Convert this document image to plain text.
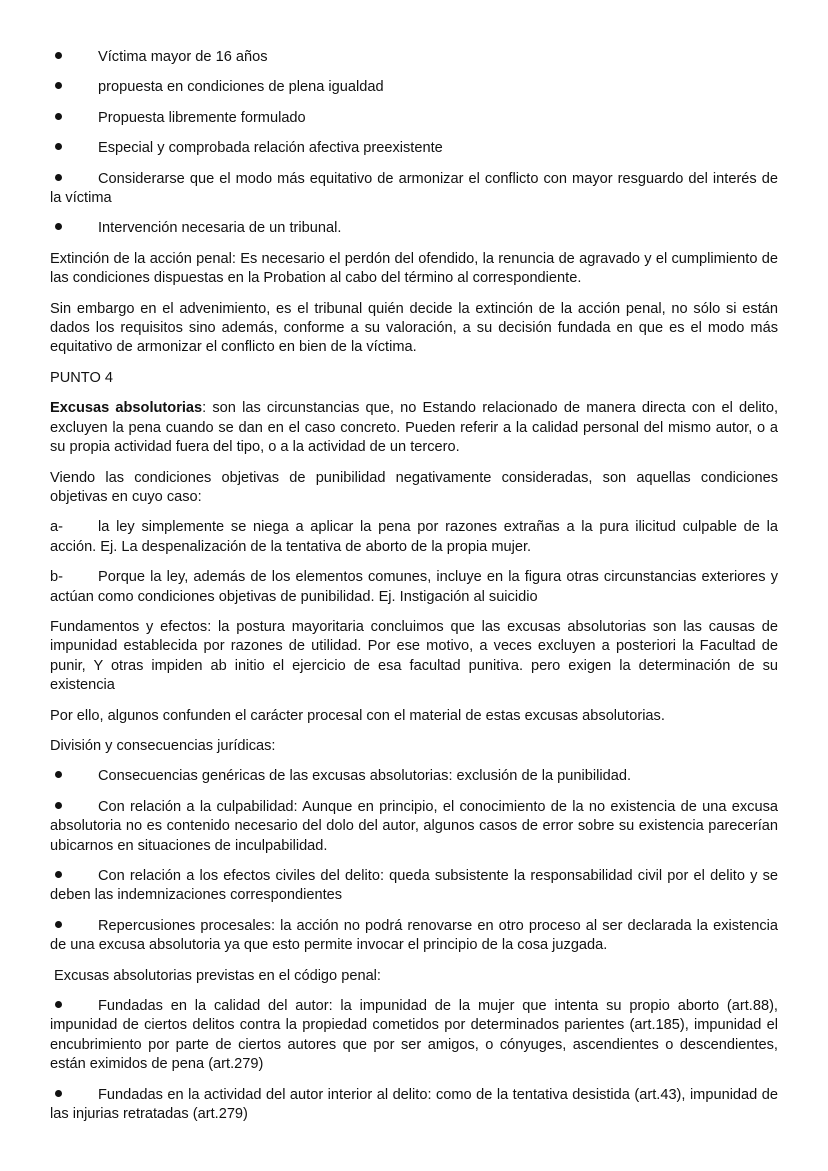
Víctima mayor de 16 años
propuesta en condiciones de plena igualdad
Propuesta libremente formulado
Especial y comprobada relación afectiva preexistente
Considerarse que el modo más equitativo de armonizar el conflicto con mayor resguardo del interés de la víctima
Intervención necesaria de un tribunal.

Extinción de la acción penal: Es necesario el perdón del ofendido, la renuncia de agravado y el cumplimiento de las condiciones dispuestas en la Probation al cabo del término al correspondiente.

Sin embargo en el advenimiento, es el tribunal quién decide la extinción de la acción penal, no sólo si están dados los requisitos sino además, conforme a su valoración, a su decisión fundada en que es el modo más equitativo de armonizar el conflicto en bien de la víctima.

PUNTO 4

Excusas absolutorias: son las circunstancias que, no Estando relacionado de manera directa con el delito, excluyen la pena cuando se dan en el caso concreto. Pueden referir a la calidad personal del mismo autor, o a su propia actividad fuera del tipo, o a la actividad de un tercero.

Viendo las condiciones objetivas de punibilidad negativamente consideradas, son aquellas condiciones objetivas en cuyo caso:

a- la ley simplemente se niega a aplicar la pena por razones extrañas a la pura ilicitud culpable de la acción. Ej. La despenalización de la tentativa de aborto de la propia mujer.

b- Porque la ley, además de los elementos comunes, incluye en la figura otras circunstancias exteriores y actúan como condiciones objetivas de punibilidad. Ej. Instigación al suicidio

Fundamentos y efectos: la postura mayoritaria concluimos que las excusas absolutorias son las causas de impunidad establecida por razones de utilidad. Por ese motivo, a veces excluyen a posteriori la Facultad de punir, Y otras impiden ab initio el ejercicio de esa facultad punitiva. pero exigen la determinación de su existencia

Por ello, algunos confunden el carácter procesal con el material de estas excusas absolutorias.

División y consecuencias jurídicas:

Consecuencias genéricas de las excusas absolutorias: exclusión de la punibilidad.
Con relación a la culpabilidad: Aunque en principio, el conocimiento de la no existencia de una excusa absolutoria no es contenido necesario del dolo del autor, algunos casos de error sobre su existencia parecerían ubicarnos en situaciones de inculpabilidad.
Con relación a los efectos civiles del delito: queda subsistente la responsabilidad civil por el delito y se deben las indemnizaciones correspondientes
Repercusiones procesales: la acción no podrá renovarse en otro proceso al ser declarada la existencia de una excusa absolutoria ya que esto permite invocar el principio de la cosa juzgada.

Excusas absolutorias previstas en el código penal:

Fundadas en la calidad del autor: la impunidad de la mujer que intenta su propio aborto (art.88), impunidad de ciertos delitos contra la propiedad cometidos por determinados parientes (art.185), impunidad el encubrimiento por parte de ciertos autores que por ser amigos, o cónyuges, ascendientes o descendientes, están eximidos de pena (art.279)
Fundadas en la actividad del autor interior al delito: como de la tentativa desistida (art.43), impunidad de las injurias retratadas (art.279)
